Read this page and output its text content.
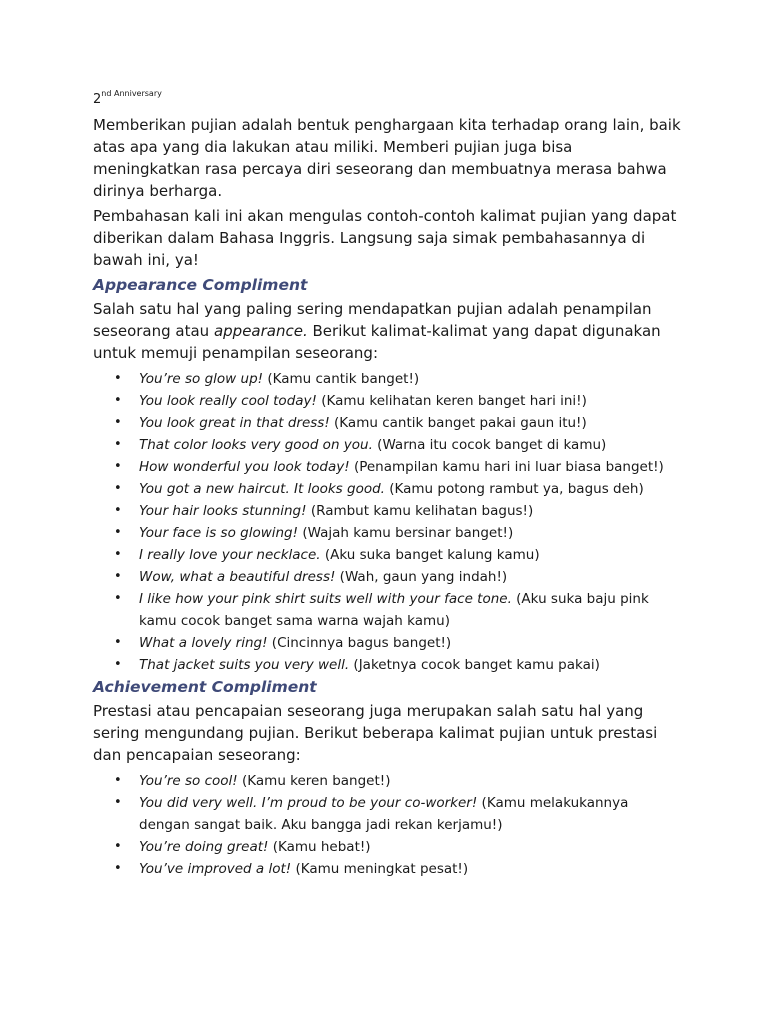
$2^{nd Anniversary}$

Memberikan pujian adalah bentuk penghargaan kita terhadap orang lain, baik atas apa yang dia lakukan atau miliki. Memberi pujian juga bisa meningkatkan rasa percaya diri seseorang dan membuatnya merasa bahwa dirinya berharga.

Pembahasan kali ini akan mengulas contoh-contoh kalimat pujian yang dapat diberikan dalam Bahasa Inggris. Langsung saja simak pembahasannya di bawah ini, ya!

Appearance Compliment

Salah satu hal yang paling sering mendapatkan pujian adalah penampilan seseorang atau appearance. Berikut kalimat-kalimat yang dapat digunakan untuk memuji penampilan seseorang:

• You’re so glow up! (Kamu cantik banget!)
• You look really cool today! (Kamu kelihatan keren banget hari ini!)
• You look great in that dress! (Kamu cantik banget pakai gaun itu!)
• That color looks very good on you. (Warna itu cocok banget di kamu)
• How wonderful you look today! (Penampilan kamu hari ini luar biasa banget!)
• You got a new haircut. It looks good. (Kamu potong rambut ya, bagus deh)
• Your hair looks stunning! (Rambut kamu kelihatan bagus!)
• Your face is so glowing! (Wajah kamu bersinar banget!)
• I really love your necklace. (Aku suka banget kalung kamu)
• Wow, what a beautiful dress! (Wah, gaun yang indah!)
• I like how your pink shirt suits well with your face tone. (Aku suka baju pink kamu cocok banget sama warna wajah kamu)
• What a lovely ring! (Cincinnya bagus banget!)
• That jacket suits you very well. (Jaketnya cocok banget kamu pakai)
Achievement Compliment

Prestasi atau pencapaian seseorang juga merupakan salah satu hal yang sering mengundang pujian. Berikut beberapa kalimat pujian untuk prestasi dan pencapaian seseorang:

• You’re so cool! (Kamu keren banget!)
• You did very well. I’m proud to be your co-worker! (Kamu melakukannya dengan sangat baik. Aku bangga jadi rekan kerjamu!)
• You’re doing great! (Kamu hebat!)
• You’ve improved a lot! (Kamu meningkat pesat!)
